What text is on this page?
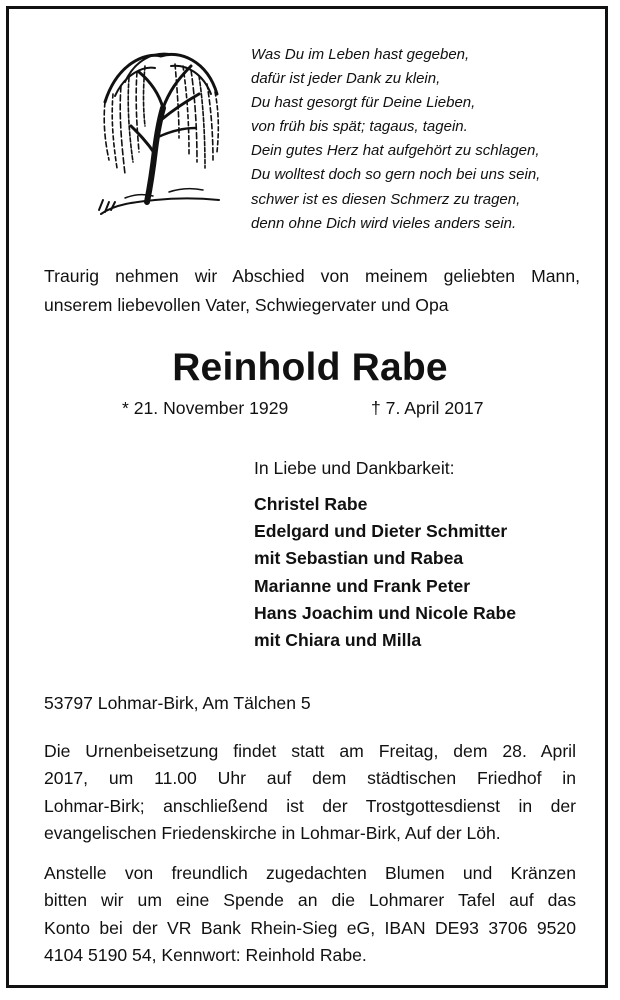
Was Du im Leben hast gegeben,
dafür ist jeder Dank zu klein,
Du hast gesorgt für Deine Lieben,
von früh bis spät; tagaus, tagein.
Dein gutes Herz hat aufgehört zu schlagen,
Du wolltest doch so gern noch bei uns sein,
schwer ist es diesen Schmerz zu tragen,
denn ohne Dich wird vieles anders sein.
Traurig nehmen wir Abschied von meinem geliebten Mann,
unserem liebevollen Vater, Schwiegervater und Opa
Reinhold Rabe
* 21. November 1929	† 7. April 2017
In Liebe und Dankbarkeit:
Christel Rabe
Edelgard und Dieter Schmitter
mit Sebastian und Rabea
Marianne und Frank Peter
Hans Joachim und Nicole Rabe
mit Chiara und Milla
53797 Lohmar-Birk, Am Tälchen 5
Die Urnenbeisetzung findet statt am Freitag, dem 28. April
2017, um 11.00 Uhr auf dem städtischen Friedhof in
Lohmar-Birk; anschließend ist der Trostgottesdienst in der
evangelischen Friedenskirche in Lohmar-Birk, Auf der Löh.
Anstelle von freundlich zugedachten Blumen und Kränzen
bitten wir um eine Spende an die Lohmarer Tafel auf das
Konto bei der VR Bank Rhein-Sieg eG, IBAN DE93 3706 9520
4104 5190 54, Kennwort: Reinhold Rabe.
